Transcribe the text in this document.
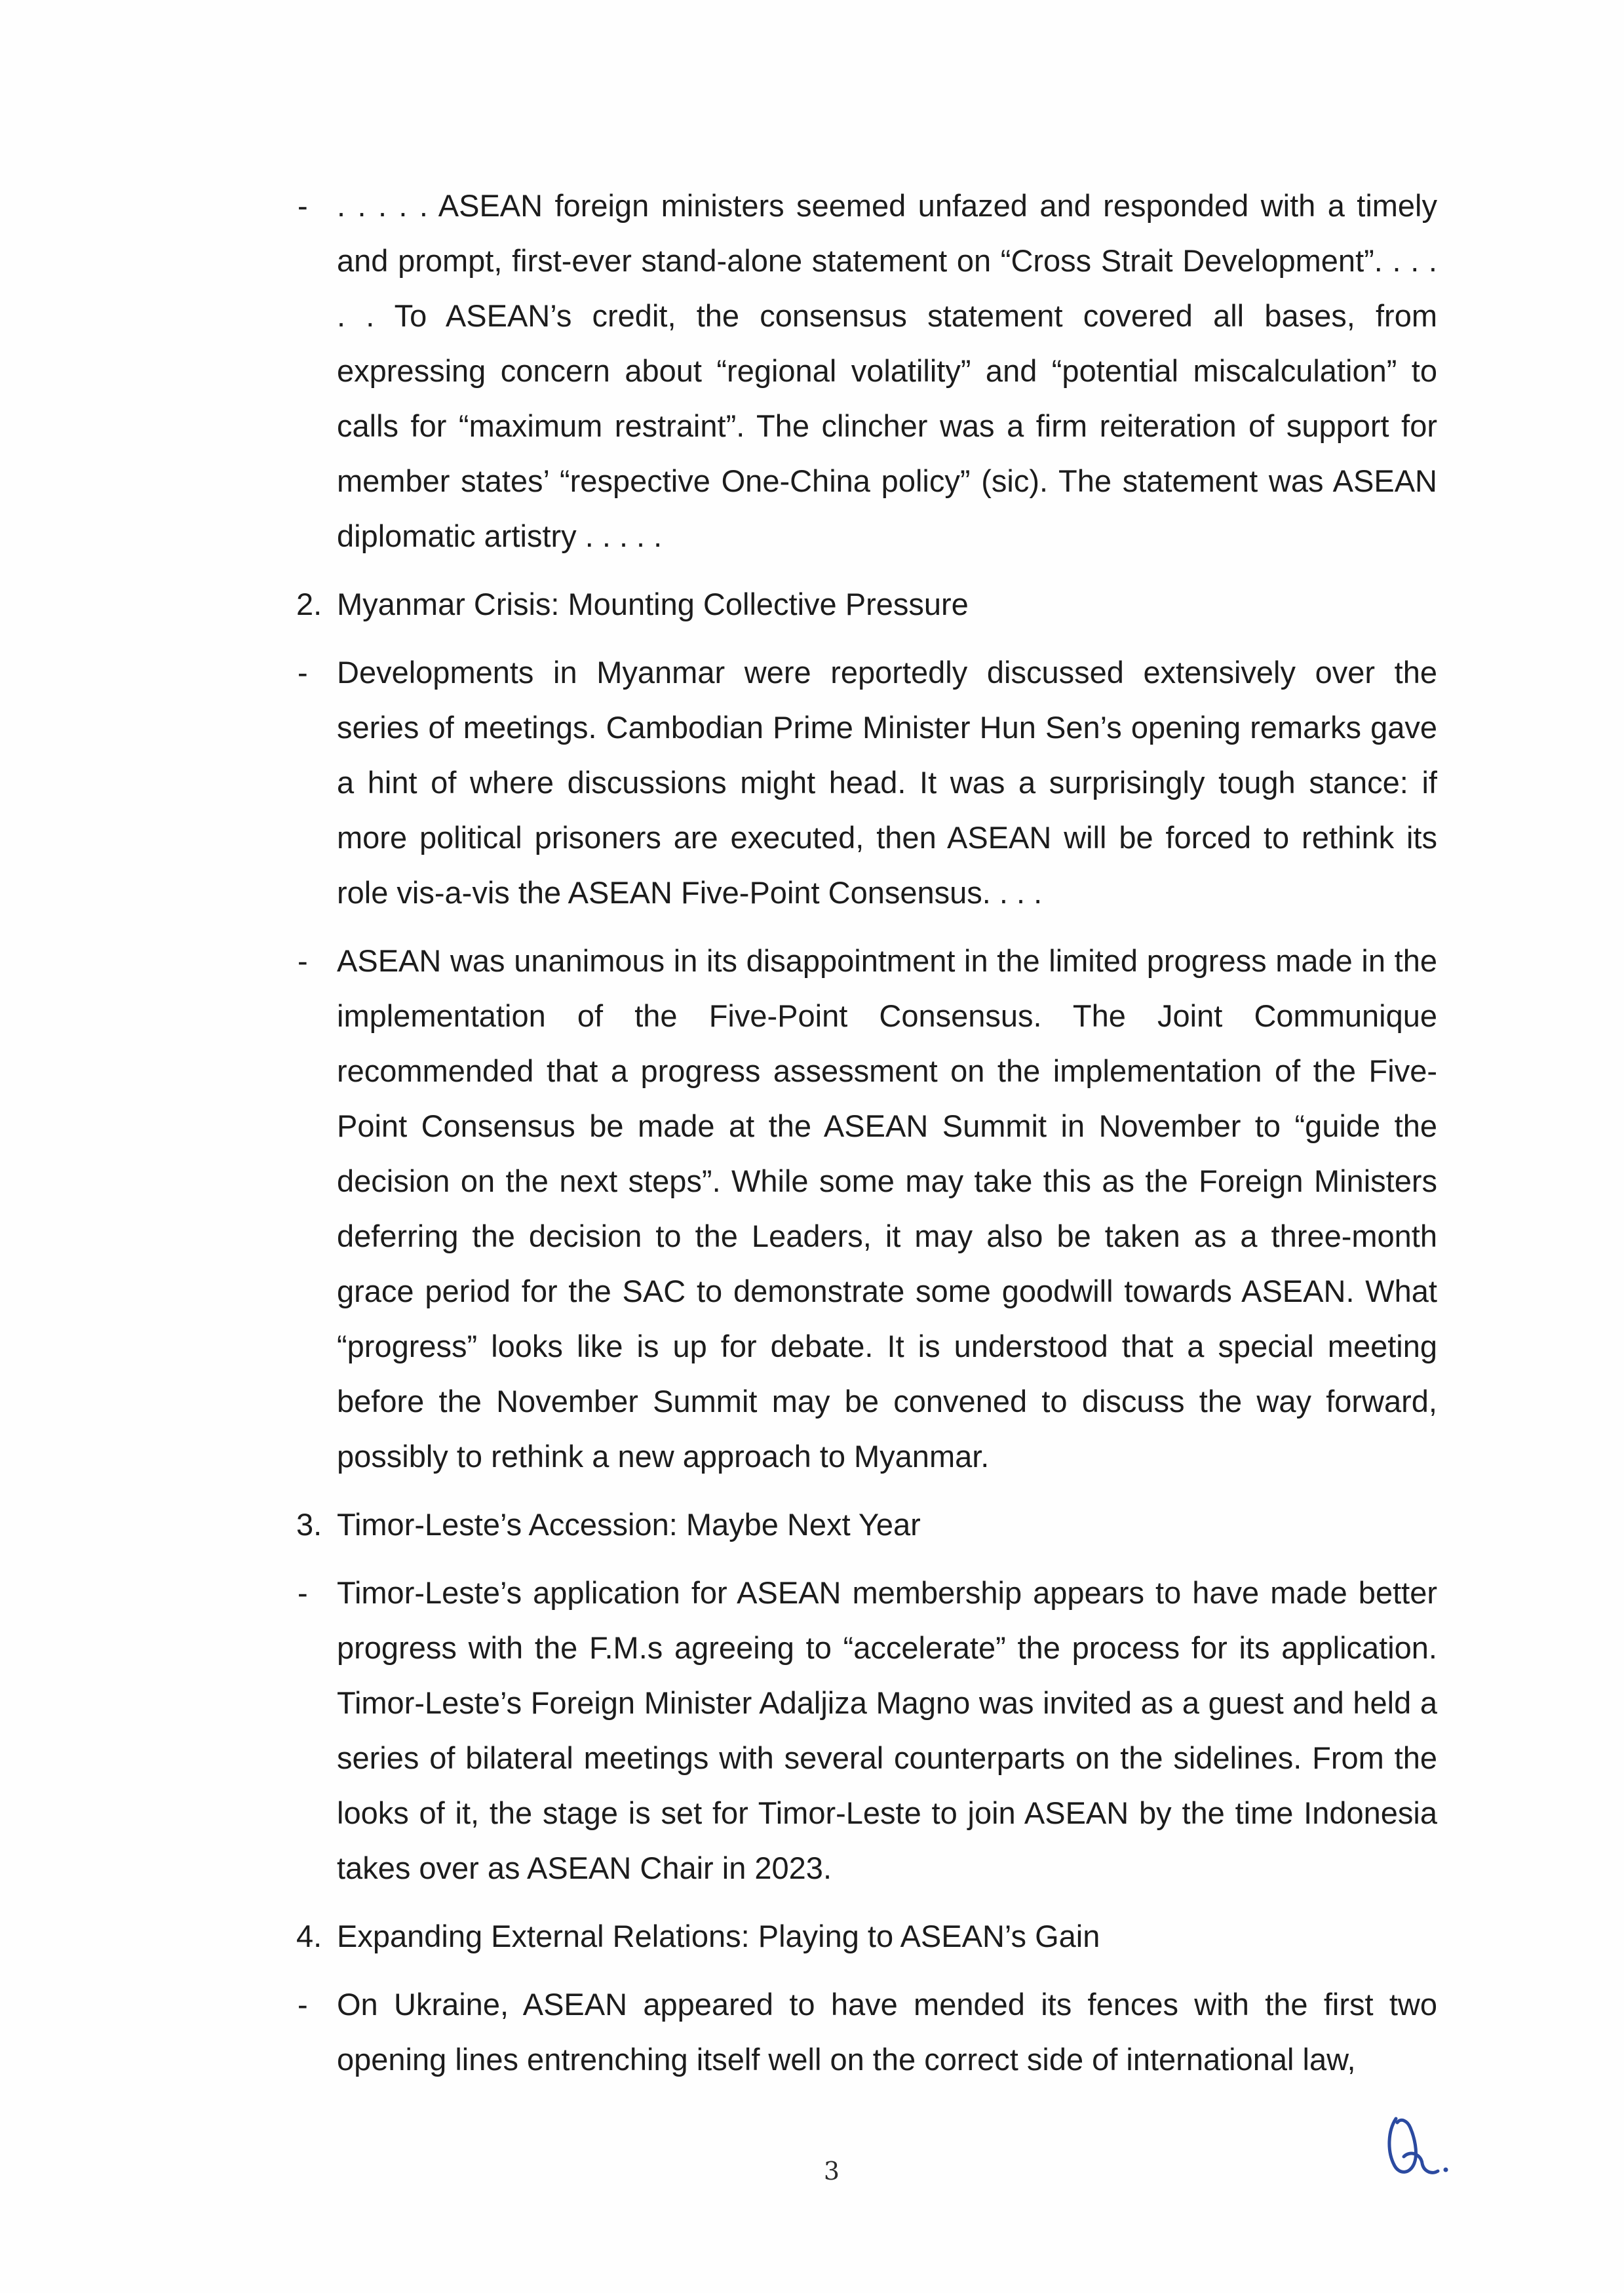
- . . . . . ASEAN foreign ministers seemed unfazed and responded with a timely and prompt, first-ever stand-alone statement on “Cross Strait Development”. . . . . . To ASEAN’s credit, the consensus statement covered all bases, from expressing concern about “regional volatility” and “potential miscalculation” to calls for “maximum restraint”. The clincher was a firm reiteration of support for member states’ “respective One-China policy” (sic). The statement was ASEAN diplomatic artistry . . . . .
2. Myanmar Crisis: Mounting Collective Pressure
- Developments in Myanmar were reportedly discussed extensively over the series of meetings. Cambodian Prime Minister Hun Sen’s opening remarks gave a hint of where discussions might head. It was a surprisingly tough stance: if more political prisoners are executed, then ASEAN will be forced to rethink its role vis-a-vis the ASEAN Five-Point Consensus. . . .
- ASEAN was unanimous in its disappointment in the limited progress made in the implementation of the Five-Point Consensus. The Joint Communique recommended that a progress assessment on the implementation of the Five-Point Consensus be made at the ASEAN Summit in November to “guide the decision on the next steps”. While some may take this as the Foreign Ministers deferring the decision to the Leaders, it may also be taken as a three-month grace period for the SAC to demonstrate some goodwill towards ASEAN. What “progress” looks like is up for debate. It is understood that a special meeting before the November Summit may be convened to discuss the way forward, possibly to rethink a new approach to Myanmar.
3. Timor-Leste’s Accession: Maybe Next Year
- Timor-Leste’s application for ASEAN membership appears to have made better progress with the F.M.s agreeing to “accelerate” the process for its application. Timor-Leste’s Foreign Minister Adaljiza Magno was invited as a guest and held a series of bilateral meetings with several counterparts on the sidelines. From the looks of it, the stage is set for Timor-Leste to join ASEAN by the time Indonesia takes over as ASEAN Chair in 2023.
4. Expanding External Relations: Playing to ASEAN’s Gain
- On Ukraine, ASEAN appeared to have mended its fences with the first two opening lines entrenching itself well on the correct side of international law,
3
